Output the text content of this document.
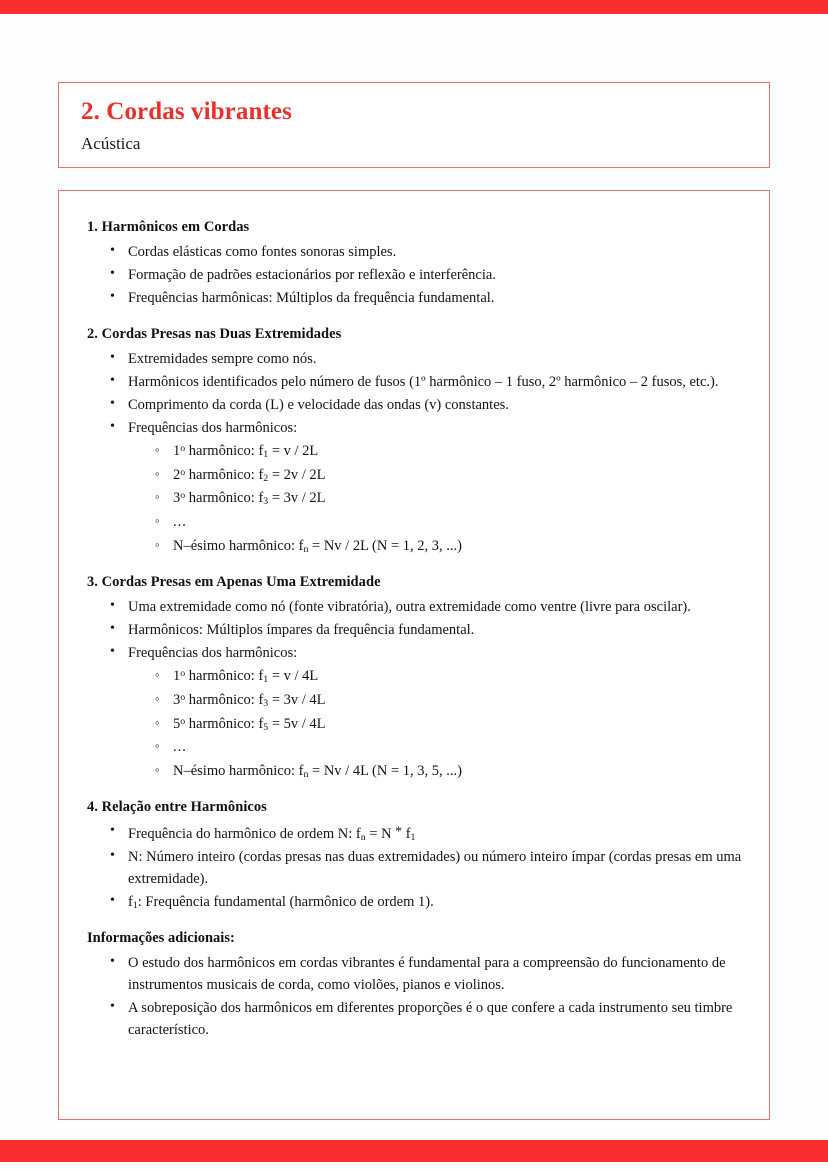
2. Cordas vibrantes
Acústica
1. Harmônicos em Cordas
• Cordas elásticas como fontes sonoras simples.
• Formação de padrões estacionários por reflexão e interferência.
• Frequências harmônicas: Múltiplos da frequência fundamental.
2. Cordas Presas nas Duas Extremidades
• Extremidades sempre como nós.
• Harmônicos identificados pelo número de fusos (1º harmônico – 1 fuso, 2º harmônico – 2 fusos, etc.).
• Comprimento da corda (L) e velocidade das ondas (v) constantes.
• Frequências dos harmônicos:
◦ 1$^o$ harmônico: $f_1 = v / 2L$
◦ 2$^o$ harmônico: $f_2 = 2v / 2L$
◦ 3$^o$ harmônico: $f_3 = 3v / 2L$
◦ ...
◦ N–ésimo harmônico: $f_n = Nv / 2L$ (N = 1, 2, 3, ...)
3. Cordas Presas em Apenas Uma Extremidade
• Uma extremidade como nó (fonte vibratória), outra extremidade como ventre (livre para oscilar).
• Harmônicos: Múltiplos ímpares da frequência fundamental.
• Frequências dos harmônicos:
◦ 1$^o$ harmônico: $f_1 = v / 4L$
◦ 3$^o$ harmônico: $f_3 = 3v / 4L$
◦ 5$^o$ harmônico: $f_5 = 5v / 4L$
◦ ...
◦ N–ésimo harmônico: $f_n = Nv / 4L$ (N = 1, 3, 5, ...)
4. Relação entre Harmônicos
• Frequência do harmônico de ordem N: $f_n = N * f_1$
• N: Número inteiro (cordas presas nas duas extremidades) ou número inteiro ímpar (cordas presas em uma extremidade).
• $f_1$: Frequência fundamental (harmônico de ordem 1).
Informações adicionais:
• O estudo dos harmônicos em cordas vibrantes é fundamental para a compreensão do funcionamento de instrumentos musicais de corda, como violões, pianos e violinos.
• A sobreposição dos harmônicos em diferentes proporções é o que confere a cada instrumento seu timbre característico.
